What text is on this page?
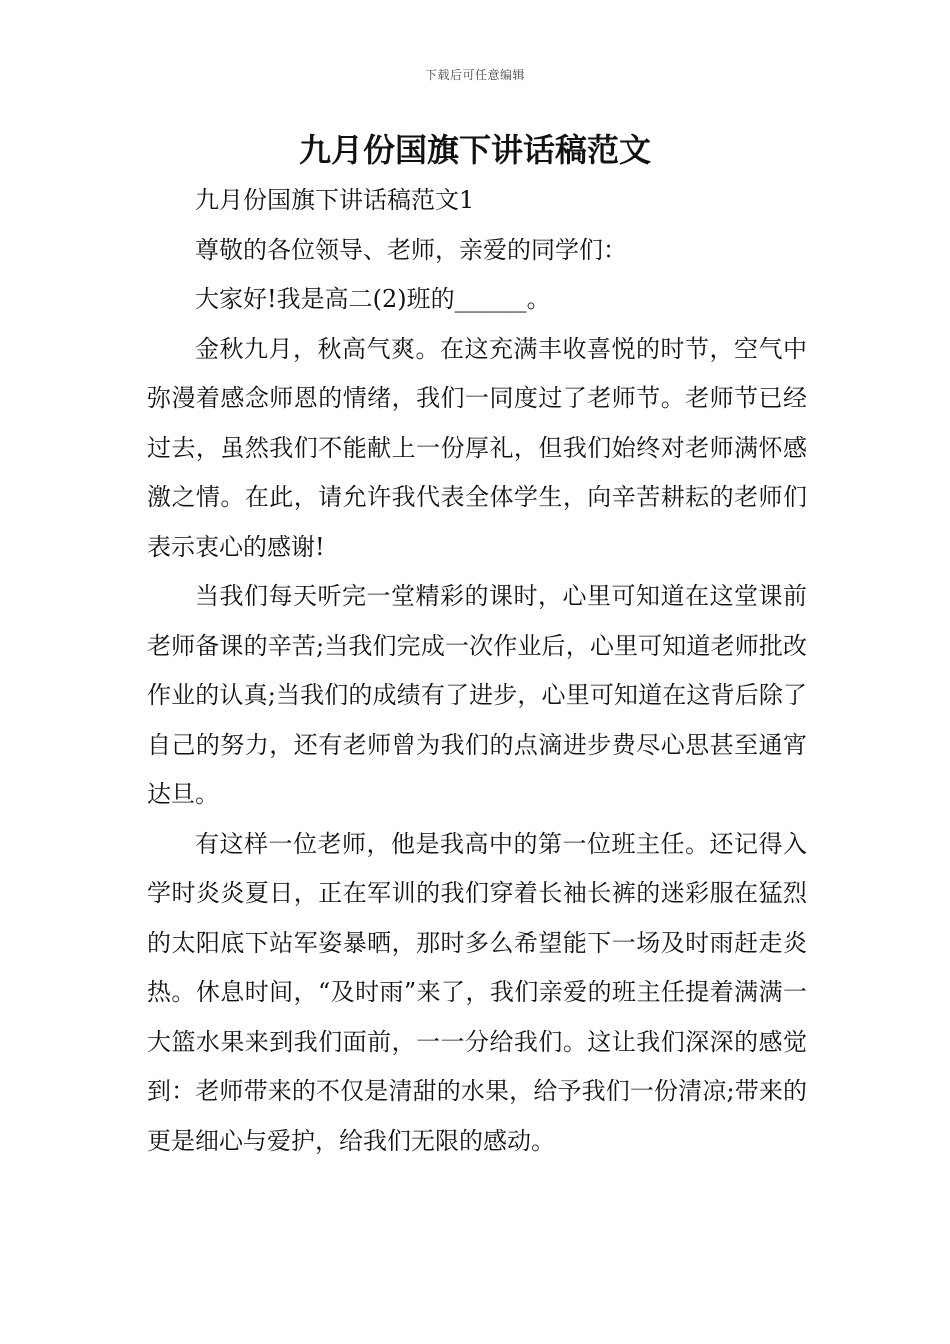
下载后可任意编辑
九月份国旗下讲话稿范文

九月份国旗下讲话稿范文1

尊敬的各位领导、老师，亲爱的同学们：

大家好!我是高二(2)班的______。

金秋九月，秋高气爽。在这充满丰收喜悦的时节，空气中弥漫着感念师恩的情绪，我们一同度过了老师节。老师节已经过去，虽然我们不能献上一份厚礼，但我们始终对老师满怀感激之情。在此，请允许我代表全体学生，向辛苦耕耘的老师们表示衷心的感谢!

当我们每天听完一堂精彩的课时，心里可知道在这堂课前老师备课的辛苦;当我们完成一次作业后，心里可知道老师批改作业的认真;当我们的成绩有了进步，心里可知道在这背后除了自己的努力，还有老师曾为我们的点滴进步费尽心思甚至通宵达旦。

有这样一位老师，他是我高中的第一位班主任。还记得入学时炎炎夏日，正在军训的我们穿着长袖长裤的迷彩服在猛烈的太阳底下站军姿暴晒，那时多么希望能下一场及时雨赶走炎热。休息时间，“及时雨”来了，我们亲爱的班主任提着满满一大篮水果来到我们面前，一一分给我们。这让我们深深的感觉到：老师带来的不仅是清甜的水果，给予我们一份清凉;带来的更是细心与爱护，给我们无限的感动。
